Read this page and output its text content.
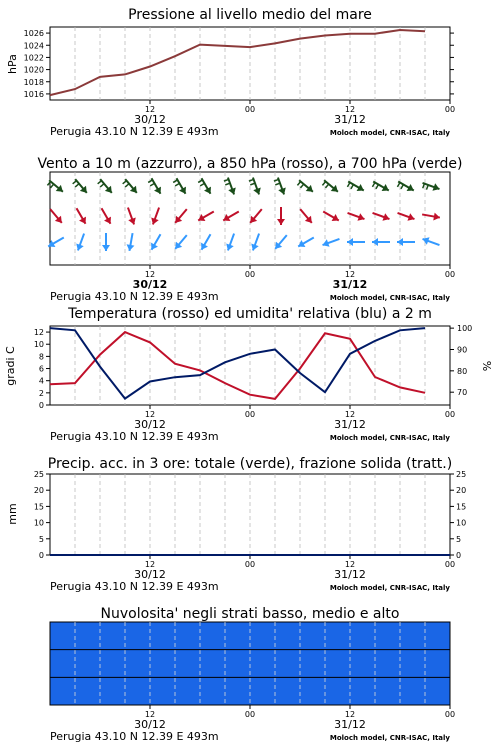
Pressione al livello medio del mare
hPa
12	00	12	00
30/12	31/12
Perugia 43.10 N 12.39 E 493m	Moloch model, CNR-ISAC, Italy
1016
1018
1020
1022
1024
1026
Vento a 10 m (azzurro), a 850 hPa (rosso), a 700 hPa (verde)
12	00	12	00
30/12	31/12
Perugia 43.10 N 12.39 E 493m	Moloch model, CNR-ISAC, Italy
Temperatura (rosso) ed umidita' relativa (blu) a 2 m
gradi C	%
12	00	12	00
30/12	31/12
Perugia 43.10 N 12.39 E 493m	Moloch model, CNR-ISAC, Italy
0
2
4
6
8
10
12
70
80
90
100
Precip. acc. in 3 ore: totale (verde), frazione solida (tratt.)
mm
12	00	12	00
30/12	31/12
Perugia 43.10 N 12.39 E 493m	Moloch model, CNR-ISAC, Italy
0	0
5	5
10	10
15	15
20	20
25	25
Nuvolosita' negli strati basso, medio e alto
12	00	12	00
30/12	31/12
Perugia 43.10 N 12.39 E 493m	Moloch model, CNR-ISAC, Italy
